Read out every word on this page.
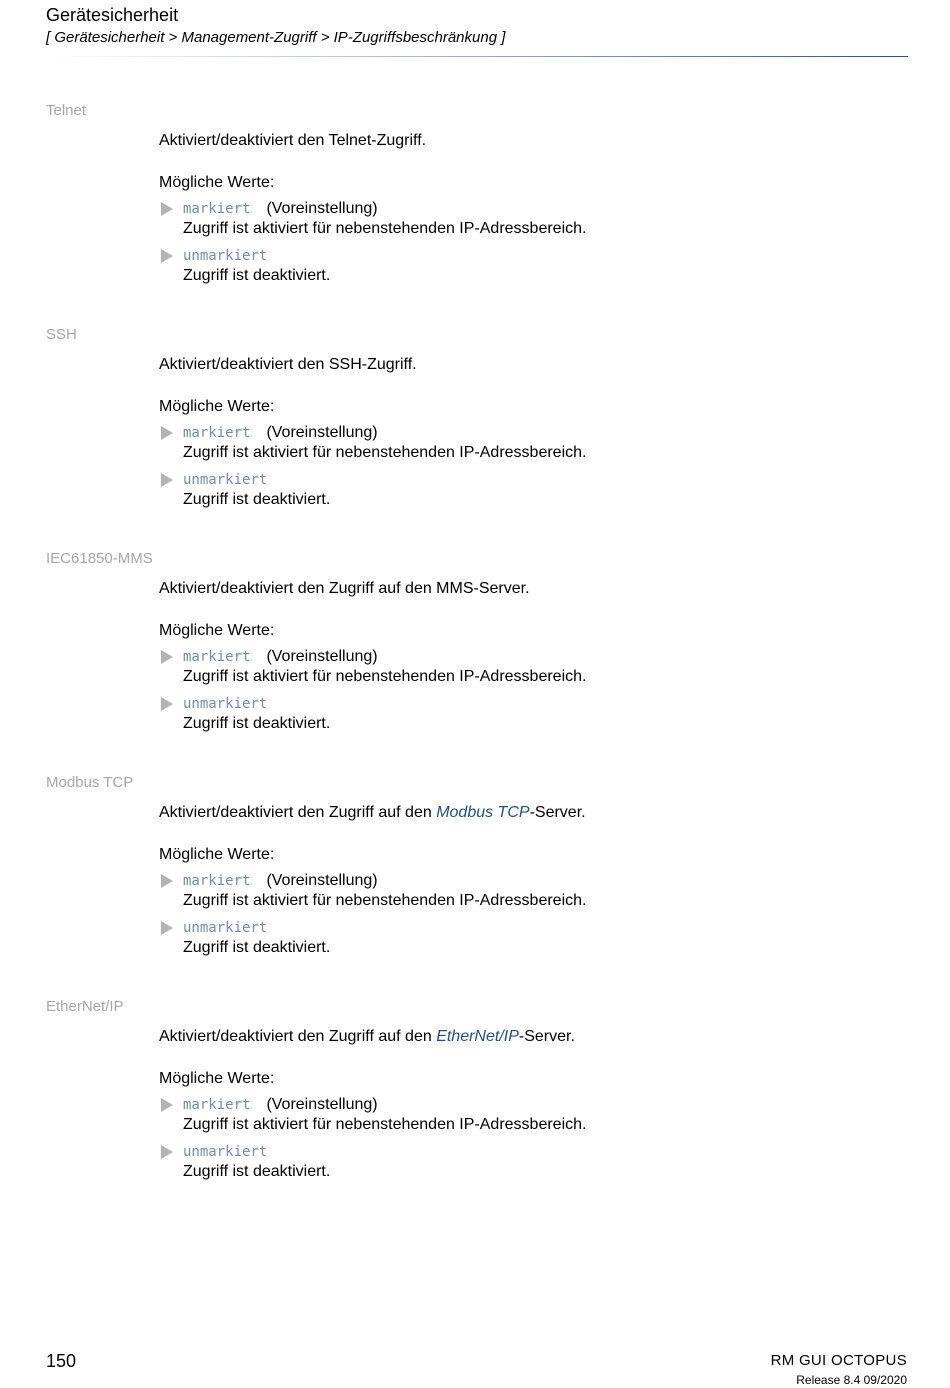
Gerätesicherheit
[ Gerätesicherheit > Management-Zugriff > IP-Zugriffsbeschränkung ]
Telnet
Aktiviert/deaktiviert den Telnet-Zugriff.
Mögliche Werte:
markiert (Voreinstellung)
Zugriff ist aktiviert für nebenstehenden IP-Adressbereich.
unmarkiert
Zugriff ist deaktiviert.
SSH
Aktiviert/deaktiviert den SSH-Zugriff.
Mögliche Werte:
markiert (Voreinstellung)
Zugriff ist aktiviert für nebenstehenden IP-Adressbereich.
unmarkiert
Zugriff ist deaktiviert.
IEC61850-MMS
Aktiviert/deaktiviert den Zugriff auf den MMS-Server.
Mögliche Werte:
markiert (Voreinstellung)
Zugriff ist aktiviert für nebenstehenden IP-Adressbereich.
unmarkiert
Zugriff ist deaktiviert.
Modbus TCP
Aktiviert/deaktiviert den Zugriff auf den Modbus TCP-Server.
Mögliche Werte:
markiert (Voreinstellung)
Zugriff ist aktiviert für nebenstehenden IP-Adressbereich.
unmarkiert
Zugriff ist deaktiviert.
EtherNet/IP
Aktiviert/deaktiviert den Zugriff auf den EtherNet/IP-Server.
Mögliche Werte:
markiert (Voreinstellung)
Zugriff ist aktiviert für nebenstehenden IP-Adressbereich.
unmarkiert
Zugriff ist deaktiviert.
150	RM GUI OCTOPUS
Release 8.4 09/2020
